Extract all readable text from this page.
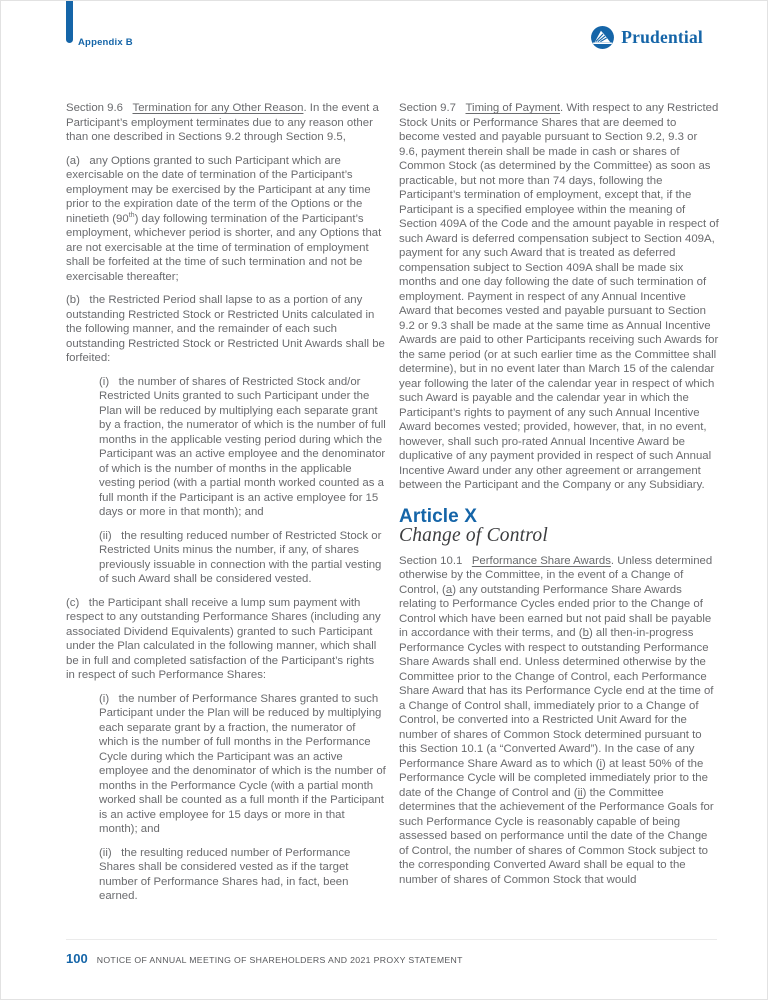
Appendix B	Prudential

Section 9.6   Termination for any Other Reason. In the event a Participant’s employment terminates due to any reason other than one described in Sections 9.2 through Section 9.5,

(a)   any Options granted to such Participant which are exercisable on the date of termination of the Participant’s employment may be exercised by the Participant at any time prior to the expiration date of the term of the Options or the ninetieth (90th) day following termination of the Participant’s employment, whichever period is shorter, and any Options that are not exercisable at the time of termination of employment shall be forfeited at the time of such termination and not be exercisable thereafter;

(b)   the Restricted Period shall lapse to as a portion of any outstanding Restricted Stock or Restricted Units calculated in the following manner, and the remainder of each such outstanding Restricted Stock or Restricted Unit Awards shall be forfeited:

(i)   the number of shares of Restricted Stock and/or Restricted Units granted to such Participant under the Plan will be reduced by multiplying each separate grant by a fraction, the numerator of which is the number of full months in the applicable vesting period during which the Participant was an active employee and the denominator of which is the number of months in the applicable vesting period (with a partial month worked counted as a full month if the Participant is an active employee for 15 days or more in that month); and

(ii)   the resulting reduced number of Restricted Stock or Restricted Units minus the number, if any, of shares previously issuable in connection with the partial vesting of such Award shall be considered vested.

(c)   the Participant shall receive a lump sum payment with respect to any outstanding Performance Shares (including any associated Dividend Equivalents) granted to such Participant under the Plan calculated in the following manner, which shall be in full and completed satisfaction of the Participant’s rights in respect of such Performance Shares:

(i)   the number of Performance Shares granted to such Participant under the Plan will be reduced by multiplying each separate grant by a fraction, the numerator of which is the number of full months in the Performance Cycle during which the Participant was an active employee and the denominator of which is the number of months in the Performance Cycle (with a partial month worked shall be counted as a full month if the Participant is an active employee for 15 days or more in that month); and

(ii)   the resulting reduced number of Performance Shares shall be considered vested as if the target number of Performance Shares had, in fact, been earned.

Section 9.7   Timing of Payment. With respect to any Restricted Stock Units or Performance Shares that are deemed to become vested and payable pursuant to Section 9.2, 9.3 or 9.6, payment therein shall be made in cash or shares of Common Stock (as determined by the Committee) as soon as practicable, but not more than 74 days, following the Participant’s termination of employment, except that, if the Participant is a specified employee within the meaning of Section 409A of the Code and the amount payable in respect of such Award is deferred compensation subject to Section 409A, payment for any such Award that is treated as deferred compensation subject to Section 409A shall be made six months and one day following the date of such termination of employment. Payment in respect of any Annual Incentive Award that becomes vested and payable pursuant to Section 9.2 or 9.3 shall be made at the same time as Annual Incentive Awards are paid to other Participants receiving such Awards for the same period (or at such earlier time as the Committee shall determine), but in no event later than March 15 of the calendar year following the later of the calendar year in respect of which such Award is payable and the calendar year in which the Participant’s rights to payment of any such Annual Incentive Award becomes vested; provided, however, that, in no event, however, shall such pro-rated Annual Incentive Award be duplicative of any payment provided in respect of such Annual Incentive Award under any other agreement or arrangement between the Participant and the Company or any Subsidiary.

Article X
Change of Control

Section 10.1   Performance Share Awards. Unless determined otherwise by the Committee, in the event of a Change of Control, (a) any outstanding Performance Share Awards relating to Performance Cycles ended prior to the Change of Control which have been earned but not paid shall be payable in accordance with their terms, and (b) all then-in-progress Performance Cycles with respect to outstanding Performance Share Awards shall end. Unless determined otherwise by the Committee prior to the Change of Control, each Performance Share Award that has its Performance Cycle end at the time of a Change of Control shall, immediately prior to a Change of Control, be converted into a Restricted Unit Award for the number of shares of Common Stock determined pursuant to this Section 10.1 (a “Converted Award”). In the case of any Performance Share Award as to which (i) at least 50% of the Performance Cycle will be completed immediately prior to the date of the Change of Control and (ii) the Committee determines that the achievement of the Performance Goals for such Performance Cycle is reasonably capable of being assessed based on performance until the date of the Change of Control, the number of shares of Common Stock subject to the corresponding Converted Award shall be equal to the number of shares of Common Stock that would

100 NOTICE OF ANNUAL MEETING OF SHAREHOLDERS AND 2021 PROXY STATEMENT
